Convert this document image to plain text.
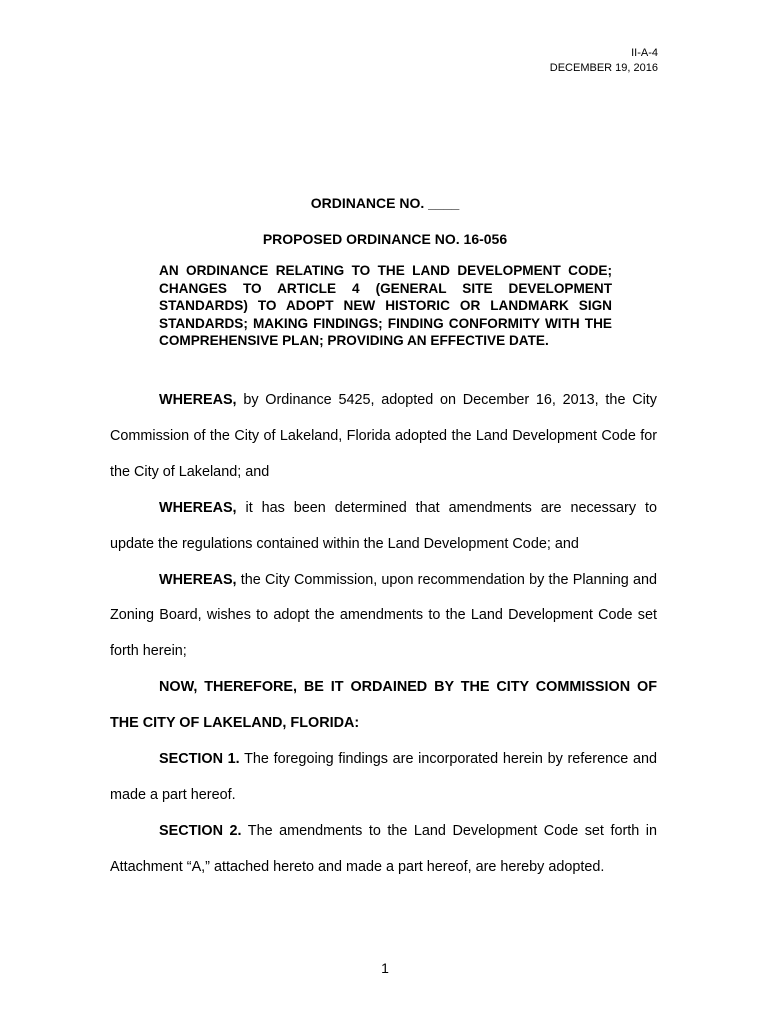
II-A-4
DECEMBER 19, 2016
ORDINANCE NO. ____
PROPOSED ORDINANCE NO. 16-056
AN ORDINANCE RELATING TO THE LAND DEVELOPMENT CODE; CHANGES TO ARTICLE 4 (GENERAL SITE DEVELOPMENT STANDARDS) TO ADOPT NEW HISTORIC OR LANDMARK SIGN STANDARDS; MAKING FINDINGS; FINDING CONFORMITY WITH THE COMPREHENSIVE PLAN; PROVIDING AN EFFECTIVE DATE.

WHEREAS, by Ordinance 5425, adopted on December 16, 2013, the City Commission of the City of Lakeland, Florida adopted the Land Development Code for the City of Lakeland; and

WHEREAS, it has been determined that amendments are necessary to update the regulations contained within the Land Development Code; and

WHEREAS, the City Commission, upon recommendation by the Planning and Zoning Board, wishes to adopt the amendments to the Land Development Code set forth herein;

NOW, THEREFORE, BE IT ORDAINED BY THE CITY COMMISSION OF THE CITY OF LAKELAND, FLORIDA:

SECTION 1. The foregoing findings are incorporated herein by reference and made a part hereof.

SECTION 2. The amendments to the Land Development Code set forth in Attachment “A,” attached hereto and made a part hereof, are hereby adopted.

1
